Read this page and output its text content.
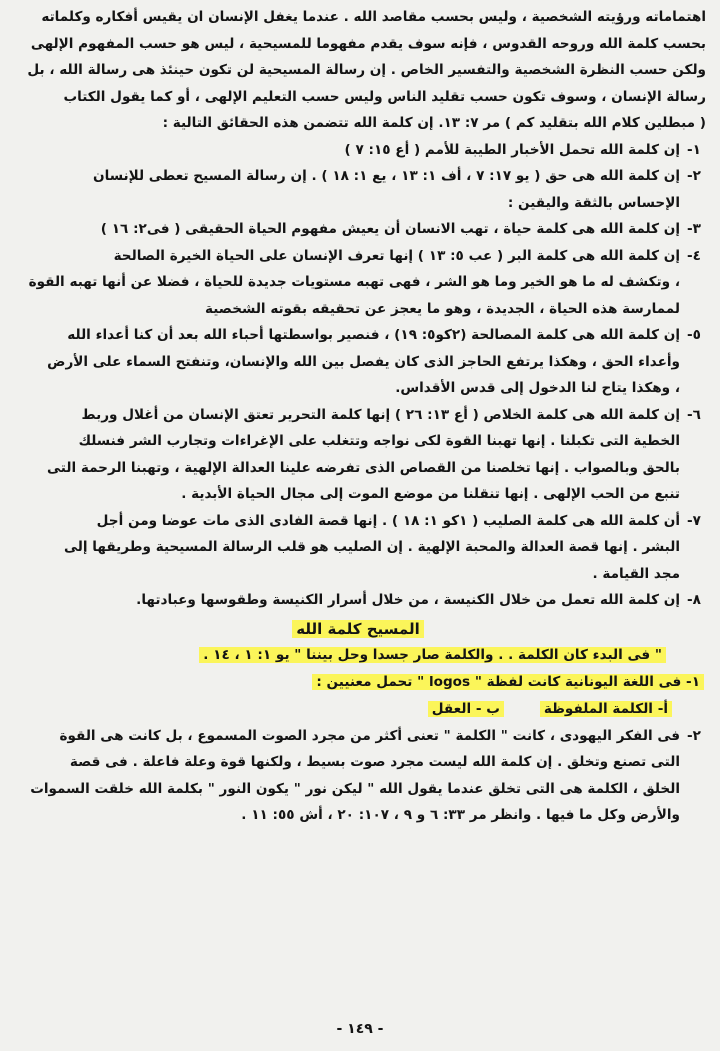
اهتماماته ورؤيته الشخصية ، وليس بحسب مقاصد الله . عندما يغفل الإنسان ان يقيس أفكاره وكلماته

بحسب كلمة الله وروحه القدوس ، فإنه سوف يقدم مفهوما للمسيحية ، ليس هو حسب المفهوم الإلهى

ولكن حسب النظرة الشخصية والتفسير الخاص . إن رسالة المسيحية لن تكون حينئذ هى رسالة الله ، بل

رسالة الإنسان ، وسوف تكون حسب تقليد الناس وليس حسب التعليم الإلهى ، أو كما يقول الكتاب

( مبطلين كلام الله بتقليد كم ) مر ٧: ١٣. إن كلمة الله تتضمن هذه الحقائق التالية :

١-

إن كلمة الله تحمل الأخبار الطيبة للأمم ( أع ١٥: ٧ )

٢-

إن كلمة الله هى حق ( يو ١٧: ٧ ، أف ١: ١٣ ، يع ١: ١٨ ) . إن رسالة المسيح تعطى للإنسان

الإحساس بالثقة واليقين :

٣-

إن كلمة الله هى كلمة حياة ، تهب الانسان أن يعيش مفهوم الحياة الحقيقى ( فى٢: ١٦ )

٤-

إن كلمة الله هى كلمة البر ( عب ٥: ١٣ ) إنها تعرف الإنسان على الحياة الخيرة الصالحة

، وتكشف له ما هو الخير وما هو الشر ، فهى تهبه مستويات جديدة للحياة ، فضلا عن أنها تهبه القوة

لممارسة هذه الحياة ، الجديدة ، وهو ما يعجز عن تحقيقه بقوته الشخصية

٥-

إن كلمة الله هى كلمة المصالحة (٢كو٥: ١٩) ، فنصير بواسطتها أحباء الله بعد أن كنا أعداء الله

وأعداء الحق ، وهكذا يرتفع الحاجز الذى كان يفصل بين الله والإنسان، وتنفتح السماء على الأرض

، وهكذا يتاح لنا الدخول إلى قدس الأقداس.

٦-

إن كلمة الله هى كلمة الخلاص ( أع ١٣: ٢٦ ) إنها كلمة التحرير تعتق الإنسان من أغلال وربط

الخطية التى تكبلنا . إنها تهبنا القوة لكى نواجه وتتغلب على الإغراءات وتجارب الشر فنسلك

بالحق وبالصواب . إنها تخلصنا من القصاص الذى تفرضه علينا العدالة الإلهية ، وتهبنا الرحمة التى

تنبع من الحب الإلهى . إنها تنقلنا من موضع الموت إلى مجال الحياة الأبدية .

٧-

أن كلمة الله هى كلمة الصليب ( ١كو ١: ١٨ ) . إنها قصة الفادى الذى مات عوضا ومن أجل

البشر . إنها قصة العدالة والمحبة الإلهية . إن الصليب هو قلب الرسالة المسيحية وطريقها إلى

مجد القيامة .

٨-

إن كلمة الله تعمل من خلال الكنيسة ، من خلال أسرار الكنيسة وطقوسها وعبادتها.

المسيح كلمة الله
" فى البدء كان الكلمة . . والكلمة صار جسدا وحل بيننا " يو ١: ١ ، ١٤ .
١- فى اللغة اليونانية كانت لفظة " logos " تحمل معنيين :
أ- الكلمة الملفوظةب - العقل
٢-

فى الفكر اليهودى ، كانت " الكلمة " تعنى أكثر من مجرد الصوت المسموع ، بل كانت هى القوة

التى تصنع وتخلق . إن كلمة الله ليست مجرد صوت بسيط ، ولكنها قوة وعلة فاعلة . فى قصة

الخلق ، الكلمة هى التى تخلق عندما يقول الله " ليكن نور " يكون النور " بكلمة الله خلقت السموات

والأرض وكل ما فيها . وانظر مر ٣٣: ٦ و ٩ ، ١٠٧: ٢٠ ، أش ٥٥: ١١ .

- ١٤٩ -
